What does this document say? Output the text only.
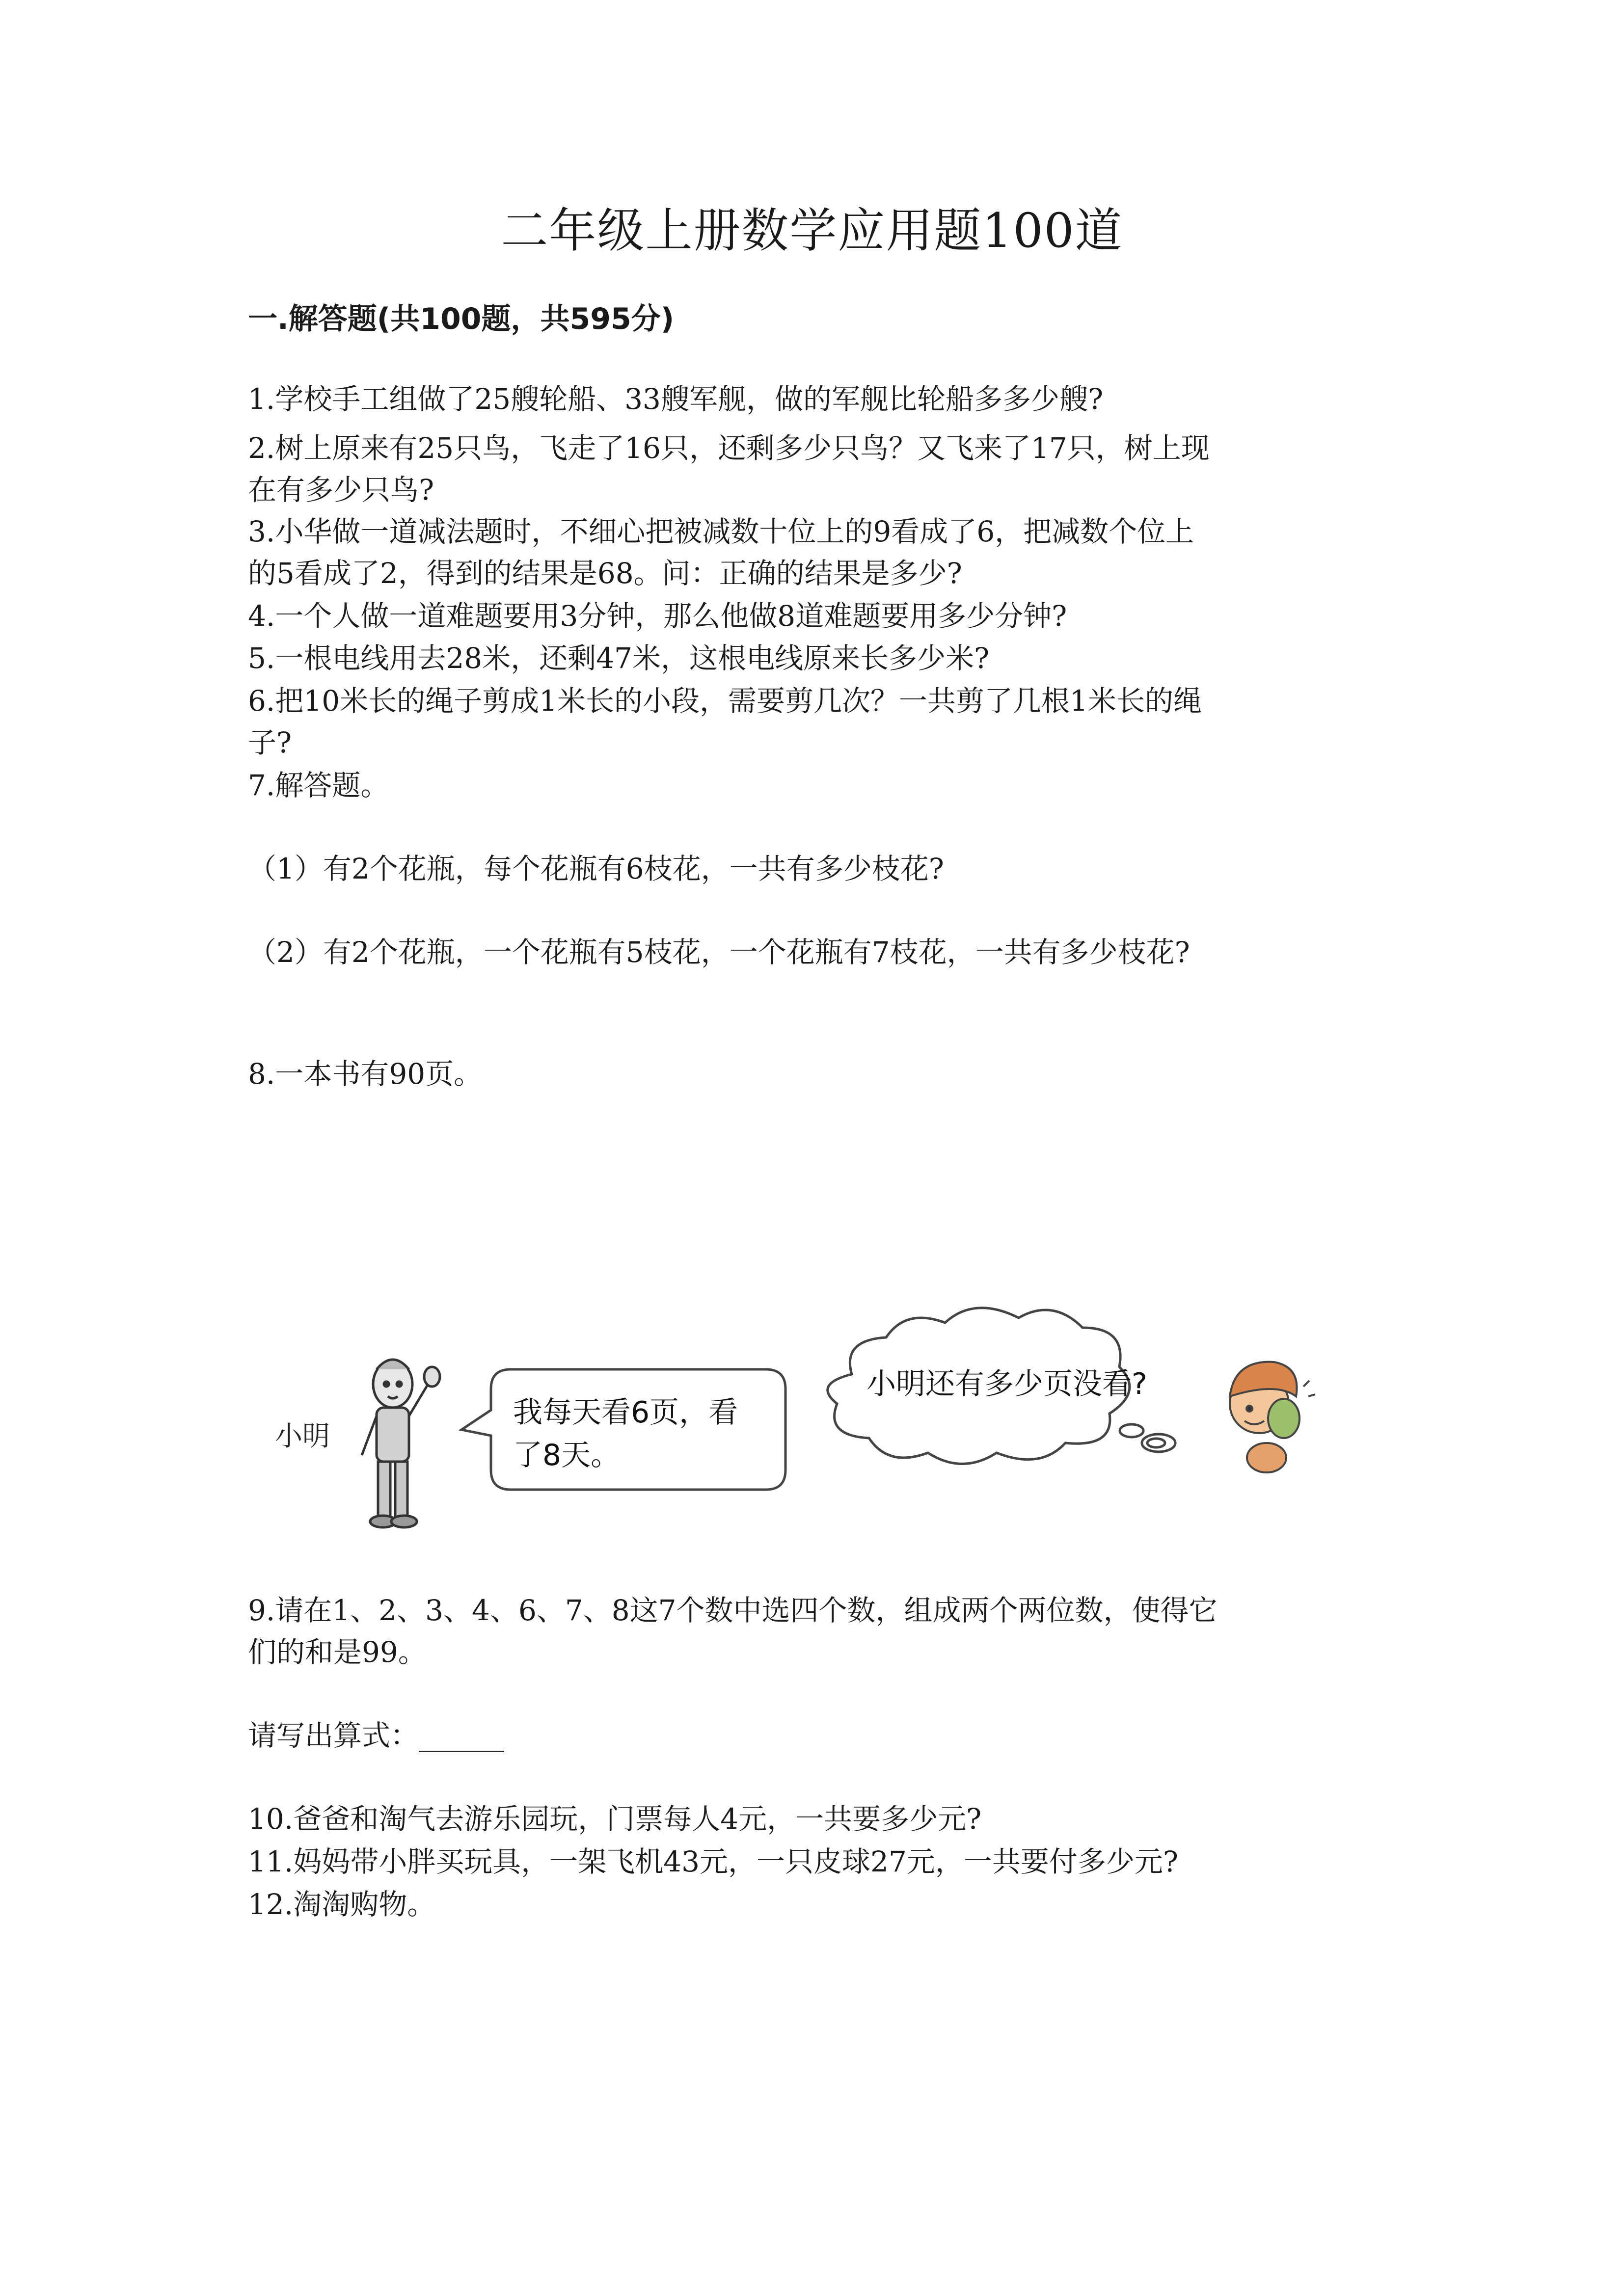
二年级上册数学应用题100道
一.解答题(共100题，共595分)
1.学校手工组做了25艘轮船、33艘军舰，做的军舰比轮船多多少艘?
2.树上原来有25只鸟，飞走了16只，还剩多少只鸟？又飞来了17只，树上现
在有多少只鸟?
3.小华做一道减法题时，不细心把被减数十位上的9看成了6，把减数个位上
的5看成了2，得到的结果是68。问：正确的结果是多少?
4.一个人做一道难题要用3分钟，那么他做8道难题要用多少分钟?
5.一根电线用去28米，还剩47米，这根电线原来长多少米?
6.把10米长的绳子剪成1米长的小段，需要剪几次？一共剪了几根1米长的绳
子?
7.解答题。
（1）有2个花瓶，每个花瓶有6枝花，一共有多少枝花?
（2）有2个花瓶，一个花瓶有5枝花，一个花瓶有7枝花，一共有多少枝花?
8.一本书有90页。
小明
我每天看6页，看
了8天。
小明还有多少页没看?
9.请在1、2、3、4、6、7、8这7个数中选四个数，组成两个两位数，使得它
们的和是99。
请写出算式：______
10.爸爸和淘气去游乐园玩，门票每人4元，一共要多少元?
11.妈妈带小胖买玩具，一架飞机43元，一只皮球27元，一共要付多少元?
12.淘淘购物。
